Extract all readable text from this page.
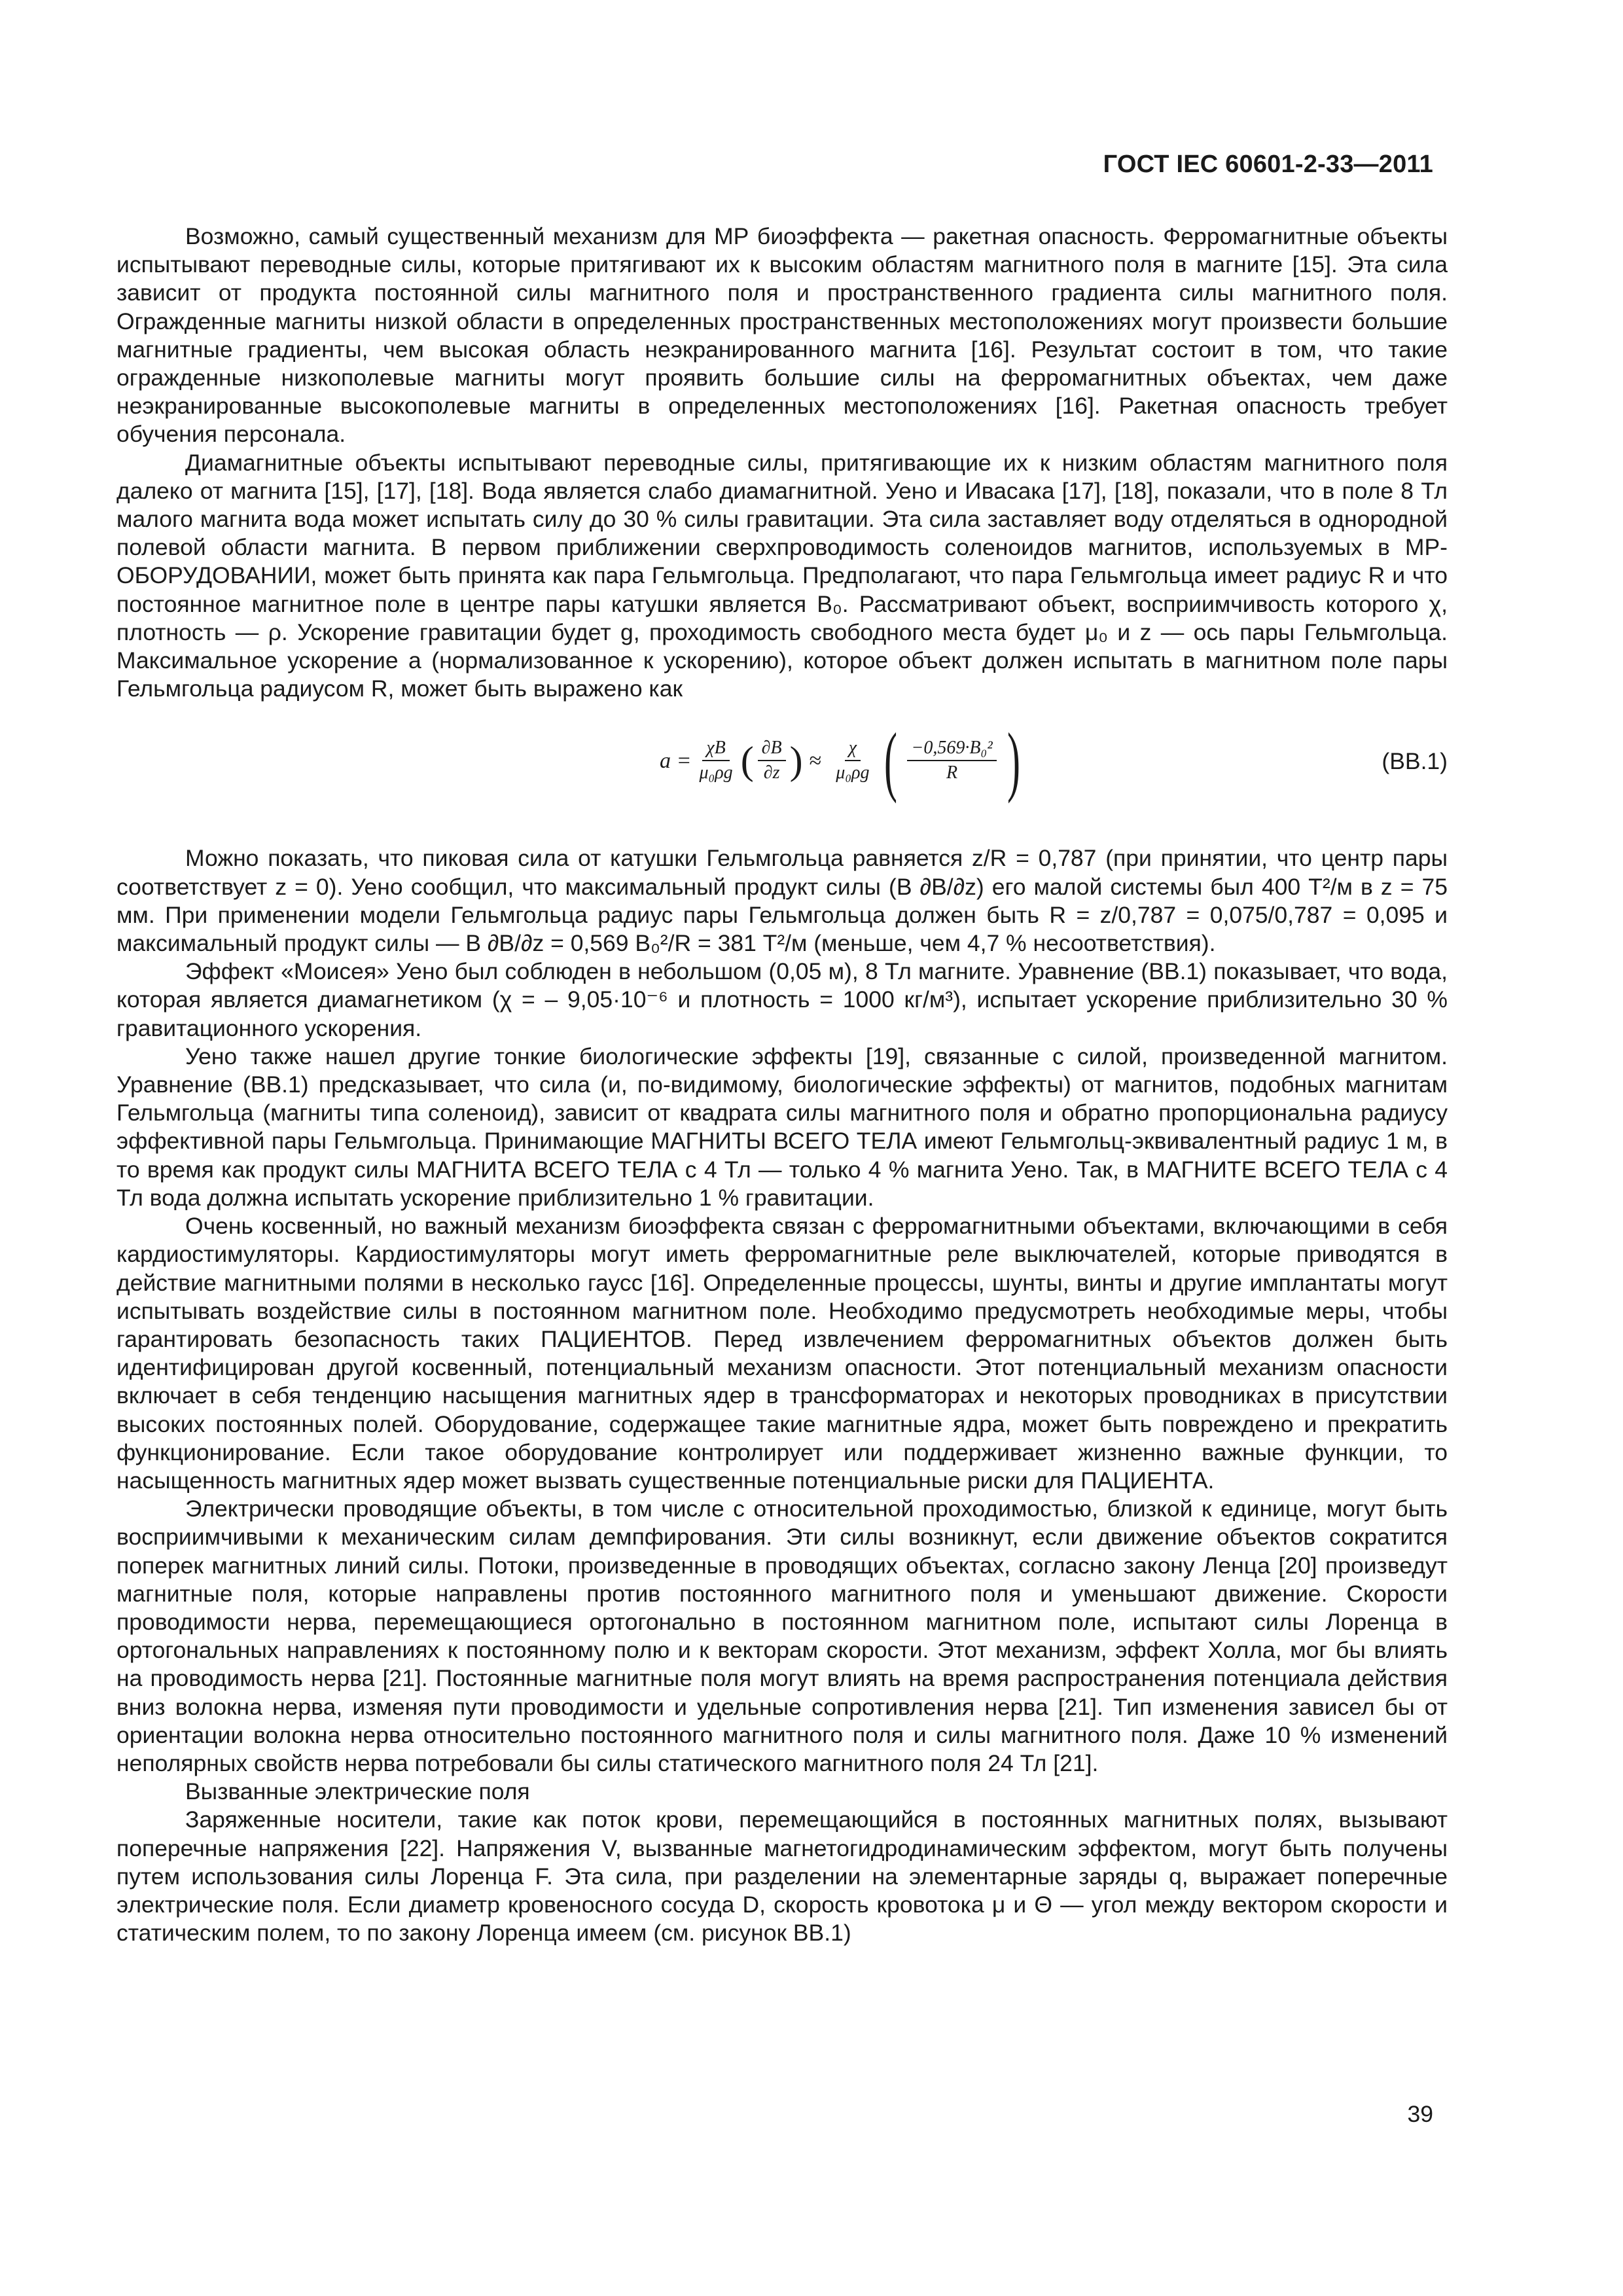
ГОСТ IEC 60601-2-33—2011

Возможно, самый существенный механизм для МР биоэффекта — ракетная опасность. Ферромагнитные объекты испытывают переводные силы, которые притягивают их к высоким областям магнитного поля в магните [15]. Эта сила зависит от продукта постоянной силы магнитного поля и пространственного градиента силы магнитного поля. Огражденные магниты низкой области в определенных пространственных местоположениях могут произвести большие магнитные градиенты, чем высокая область неэкранированного магнита [16]. Результат состоит в том, что такие огражденные низкополевые магниты могут проявить большие силы на ферромагнитных объектах, чем даже неэкранированные высокополевые магниты в определенных местоположениях [16]. Ракетная опасность требует обучения персонала.

Диамагнитные объекты испытывают переводные силы, притягивающие их к низким областям магнитного поля далеко от магнита [15], [17], [18]. Вода является слабо диамагнитной. Уено и Ивасака [17], [18], показали, что в поле 8 Тл малого магнита вода может испытать силу до 30 % силы гравитации. Эта сила заставляет воду отделяться в однородной полевой области магнита. В первом приближении сверхпроводимость соленоидов магнитов, используемых в МР-ОБОРУДОВАНИИ, может быть принята как пара Гельмгольца. Предполагают, что пара Гельмгольца имеет радиус R и что постоянное магнитное поле в центре пары катушки является B₀. Рассматривают объект, восприимчивость которого χ, плотность — ρ. Ускорение гравитации будет g, проходимость свободного места будет μ₀ и z — ось пары Гельмгольца. Максимальное ускорение a (нормализованное к ускорению), которое объект должен испытать в магнитном поле пары Гельмгольца радиусом R, может быть выражено как

$a = \frac{\chi B}{\text{μ₀ρg}}$ ( $\frac{\partial B}{\partial z}$ ) ≈ $\frac{\chi}{\text{μ₀ρg}}$ ( $\frac{\text{−0,569·B₀²}}{R}$ )	(ВВ.1)

Можно показать, что пиковая сила от катушки Гельмгольца равняется z/R = 0,787 (при принятии, что центр пары соответствует z = 0). Уено сообщил, что максимальный продукт силы (B ∂B/∂z) его малой системы был 400 Т²/м в z = 75 мм. При применении модели Гельмгольца радиус пары Гельмгольца должен быть R = z/0,787 = 0,075/0,787 = 0,095 и максимальный продукт силы — B ∂B/∂z = 0,569 B₀²/R = 381 Т²/м (меньше, чем 4,7 % несоответствия).

Эффект «Моисея» Уено был соблюден в небольшом (0,05 м), 8 Тл магните. Уравнение (ВВ.1) показывает, что вода, которая является диамагнетиком (χ = – 9,05·10⁻⁶ и плотность = 1000 кг/м³), испытает ускорение приблизительно 30 % гравитационного ускорения.

Уено также нашел другие тонкие биологические эффекты [19], связанные с силой, произведенной магнитом. Уравнение (ВВ.1) предсказывает, что сила (и, по-видимому, биологические эффекты) от магнитов, подобных магнитам Гельмгольца (магниты типа соленоид), зависит от квадрата силы магнитного поля и обратно пропорциональна радиусу эффективной пары Гельмгольца. Принимающие МАГНИТЫ ВСЕГО ТЕЛА имеют Гельмгольц-эквивалентный радиус 1 м, в то время как продукт силы МАГНИТА ВСЕГО ТЕЛА с 4 Тл — только 4 % магнита Уено. Так, в МАГНИТЕ ВСЕГО ТЕЛА с 4 Тл вода должна испытать ускорение приблизительно 1 % гравитации.

Очень косвенный, но важный механизм биоэффекта связан с ферромагнитными объектами, включающими в себя кардиостимуляторы. Кардиостимуляторы могут иметь ферромагнитные реле выключателей, которые приводятся в действие магнитными полями в несколько гаусс [16]. Определенные процессы, шунты, винты и другие имплантаты могут испытывать воздействие силы в постоянном магнитном поле. Необходимо предусмотреть необходимые меры, чтобы гарантировать безопасность таких ПАЦИЕНТОВ. Перед извлечением ферромагнитных объектов должен быть идентифицирован другой косвенный, потенциальный механизм опасности. Этот потенциальный механизм опасности включает в себя тенденцию насыщения магнитных ядер в трансформаторах и некоторых проводниках в присутствии высоких постоянных полей. Оборудование, содержащее такие магнитные ядра, может быть повреждено и прекратить функционирование. Если такое оборудование контролирует или поддерживает жизненно важные функции, то насыщенность магнитных ядер может вызвать существенные потенциальные риски для ПАЦИЕНТА.

Электрически проводящие объекты, в том числе с относительной проходимостью, близкой к единице, могут быть восприимчивыми к механическим силам демпфирования. Эти силы возникнут, если движение объектов сократится поперек магнитных линий силы. Потоки, произведенные в проводящих объектах, согласно закону Ленца [20] произведут магнитные поля, которые направлены против постоянного магнитного поля и уменьшают движение. Скорости проводимости нерва, перемещающиеся ортогонально в постоянном магнитном поле, испытают силы Лоренца в ортогональных направлениях к постоянному полю и к векторам скорости. Этот механизм, эффект Холла, мог бы влиять на проводимость нерва [21]. Постоянные магнитные поля могут влиять на время распространения потенциала действия вниз волокна нерва, изменяя пути проводимости и удельные сопротивления нерва [21]. Тип изменения зависел бы от ориентации волокна нерва относительно постоянного магнитного поля и силы магнитного поля. Даже 10 % изменений неполярных свойств нерва потребовали бы силы статического магнитного поля 24 Тл [21].

Вызванные электрические поля

Заряженные носители, такие как поток крови, перемещающийся в постоянных магнитных полях, вызывают поперечные напряжения [22]. Напряжения V, вызванные магнетогидродинамическим эффектом, могут быть получены путем использования силы Лоренца F. Эта сила, при разделении на элементарные заряды q, выражает поперечные электрические поля. Если диаметр кровеносного сосуда D, скорость кровотока μ и Θ — угол между вектором скорости и статическим полем, то по закону Лоренца имеем (см. рисунок ВВ.1)

39
